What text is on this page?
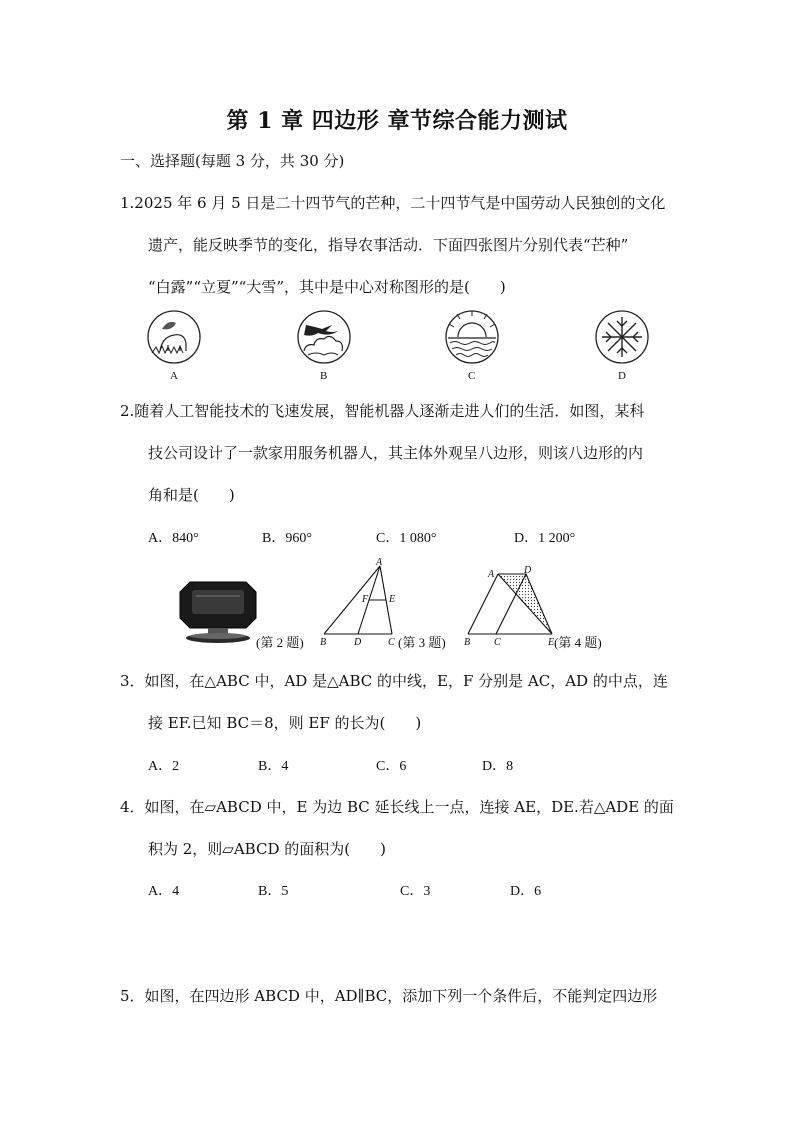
第 1 章 四边形 章节综合能力测试
一、选择题(每题 3 分，共 30 分)
1.2025 年 6 月 5 日是二十四节气的芒种，二十四节气是中国劳动人民独创的文化
遗产，能反映季节的变化，指导农事活动．下面四张图片分别代表“芒种”
“白露”“立夏”“大雪”，其中是中心对称图形的是(　　)
A	B	C	D
2.随着人工智能技术的飞速发展，智能机器人逐渐走进人们的生活．如图，某科
技公司设计了一款家用服务机器人，其主体外观呈八边形，则该八边形的内
角和是(　　)
A．840°	B．960°	C．1 080°	D．1 200°
(第 2 题)
A
B	D	C
F E
(第 3 题)
A	D
B C	E (第 4 题)
3．如图，在△ABC 中，AD 是△ABC 的中线，E，F 分别是 AC，AD 的中点，连
接 EF.已知 BC＝8，则 EF 的长为(　　)
A．2	B．4	C．6	D．8
4．如图，在▱ABCD 中，E 为边 BC 延长线上一点，连接 AE，DE.若△ADE 的面
积为 2，则▱ABCD 的面积为(　　)
A．4	B．5	C．3	D．6
5．如图，在四边形 ABCD 中，AD∥BC，添加下列一个条件后，不能判定四边形
